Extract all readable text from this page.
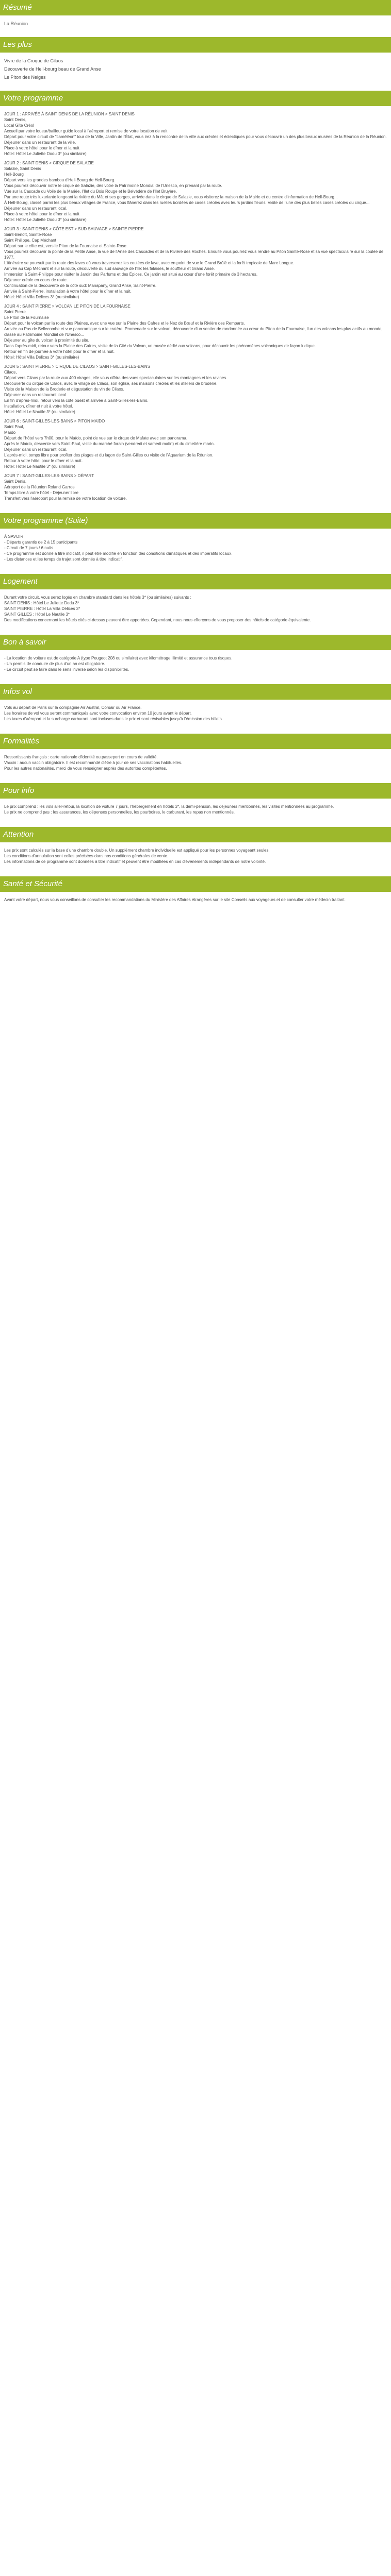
Résumé

La Réunion

Les plus

Vivre de la Croque de Cilaos

Découverte de Hell-bourg beau de Grand Anse

Le Piton des Neiges

Votre programme

JOUR 1 : ARRIVÉE À SAINT DENIS DE LA RÉUNION > SAINT DENIS
Saint Denis,
Local Gîte Créol
Accueil par votre loueur/bailleur guide local à l'aéroport et remise de votre location de voit
Départ pour votre circuit de "caméléon" tour de la Ville, Jardin de l'État, vous irez à la rencontre de la ville aux créoles et éclectiques pour vous découvrir un des plus beaux musées de la Réunion de la Réunion.
Déjeuner dans un restaurant de la ville.
Place à votre hôtel pour le dîner et la nuit
Hôtel: Hôtel Le Juliette Dodu 3* (ou similaire)

JOUR 2 : SAINT DENIS > CIRQUE DE SALAZIE
Salazie, Saint Denis
Hell-Bourg
Départ vers les grandes bambou d'Hell-Bourg de Hell-Bourg.
Vous pourrez découvrir notre le cirque de Salazie, dès votre la Patrimoine Mondial de l'Unesco, en prenant par la route.
Vue sur la Cascade du Voile de la Mariée, l'Ilet du Bois Rouge et le Belvédère de l'Ilet Bruyère.
Par une route très luxuriante longeant la rivière du Mât et ses gorges, arrivée dans le cirque de Salazie, vous visiterez la maison de la Mairie et du centre d'information de Hell-Bourg...
À Hell-Bourg, classé parmi les plus beaux villages de France, vous flânerez dans les ruelles bordées de cases créoles avec leurs jardins fleuris. Visite de l'une des plus belles cases créoles du cirque...
Déjeuner dans un restaurant local.
Place à votre hôtel pour le dîner et la nuit
Hôtel: Hôtel Le Juliette Dodu 3* (ou similaire)

JOUR 3 : SAINT DENIS > CÔTE EST > SUD SAUVAGE > SAINTE PIERRE
Saint-Benoît, Sainte-Rose
Saint Philippe, Cap Méchant
Départ sur le côte est, vers le Piton de la Fournaise et Sainte-Rose.
Vous pourrez découvrir la pointe de la Petite Anse, la vue de l'Anse des Cascades et de la Rivière des Roches. Ensuite vous pourrez vous rendre au Piton Sainte-Rose et sa vue spectaculaire sur la coulée de 1977.
L'itinéraire se poursuit par la route des laves où vous traverserez les coulées de lave, avec en point de vue le Grand Brûlé et la forêt tropicale de Mare Longue.
Arrivée au Cap Méchant et sur la route, découverte du sud sauvage de l'île: les falaises, le souffleur et Grand Anse.
Immersion à Saint-Philippe pour visiter le Jardin des Parfums et des Épices. Ce jardin est situé au cœur d'une forêt primaire de 3 hectares.
Déjeuner créole en cours de route.
Continuation de la découverte de la côte sud: Manapany, Grand Anse, Saint-Pierre.
Arrivée à Saint-Pierre, installation à votre hôtel pour le dîner et la nuit.
Hôtel: Hôtel Villa Délices 3* (ou similaire)

JOUR 4 : SAINT PIERRE > VOLCAN LE PITON DE LA FOURNAISE
Saint Pierre
Le Piton de la Fournaise
Départ pour le volcan par la route des Plaines, avec une vue sur la Plaine des Cafres et le Nez de Bœuf et la Rivière des Remparts.
Arrivée au Pas de Bellecombe et vue panoramique sur le cratère. Promenade sur le volcan, découverte d'un sentier de randonnée au cœur du Piton de la Fournaise, l'un des volcans les plus actifs au monde, classé au Patrimoine Mondial de l'Unesco...
Déjeuner au gîte du volcan à proximité du site.
Dans l'après-midi, retour vers la Plaine des Cafres, visite de la Cité du Volcan, un musée dédié aux volcans, pour découvrir les phénomènes volcaniques de façon ludique.
Retour en fin de journée à votre hôtel pour le dîner et la nuit.
Hôtel: Hôtel Villa Délices 3* (ou similaire)

JOUR 5 : SAINT PIERRE > CIRQUE DE CILAOS > SAINT-GILLES-LES-BAINS
Cilaos,
Départ vers Cilaos par la route aux 400 virages, elle vous offrira des vues spectaculaires sur les montagnes et les ravines.
Découverte du cirque de Cilaos, avec le village de Cilaos, son église, ses maisons créoles et les ateliers de broderie.
Visite de la Maison de la Broderie et dégustation du vin de Cilaos.
Déjeuner dans un restaurant local.
En fin d'après-midi, retour vers la côte ouest et arrivée à Saint-Gilles-les-Bains.
Installation, dîner et nuit à votre hôtel.
Hôtel: Hôtel Le Nautile 3* (ou similaire)

JOUR 6 : SAINT-GILLES-LES-BAINS > PITON MAÏDO
Saint Paul,
Maïdo
Départ de l'hôtel vers 7h00, pour le Maïdo, point de vue sur le cirque de Mafate avec son panorama.
Après le Maïdo, descente vers Saint-Paul, visite du marché forain (vendredi et samedi matin) et du cimetière marin.
Déjeuner dans un restaurant local.
L'après-midi, temps libre pour profiter des plages et du lagon de Saint-Gilles ou visite de l'Aquarium de la Réunion.
Retour à votre hôtel pour le dîner et la nuit.
Hôtel: Hôtel Le Nautile 3* (ou similaire)

JOUR 7 : SAINT-GILLES-LES-BAINS > DÉPART
Saint Denis,
Aéroport de la Réunion Roland Garros
Temps libre à votre hôtel - Déjeuner libre
Transfert vers l'aéroport pour la remise de votre location de voiture.

Votre programme (Suite)

À SAVOIR
- Départs garantis de 2 à 15 participants
- Circuit de 7 jours / 6 nuits
- Ce programme est donné à titre indicatif, il peut être modifié en fonction des conditions climatiques et des impératifs locaux.
- Les distances et les temps de trajet sont donnés à titre indicatif.

Logement

Durant votre circuit, vous serez logés en chambre standard dans les hôtels 3* (ou similaires) suivants :
SAINT DENIS : Hôtel Le Juliette Dodu 3*
SAINT PIERRE : Hôtel La Villa Délices 3*
SAINT GILLES : Hôtel Le Nautile 3*
Des modifications concernant les hôtels cités ci-dessus peuvent être apportées. Cependant, nous nous efforçons de vous proposer des hôtels de catégorie équivalente.

Bon à savoir

- La location de voiture est de catégorie A (type Peugeot 208 ou similaire) avec kilométrage illimité et assurance tous risques.
- Un permis de conduire de plus d'un an est obligatoire.
- Le circuit peut se faire dans le sens inverse selon les disponibilités.

Infos vol

Vols au départ de Paris sur la compagnie Air Austral, Corsair ou Air France.
Les horaires de vol vous seront communiqués avec votre convocation environ 10 jours avant le départ.
Les taxes d'aéroport et la surcharge carburant sont incluses dans le prix et sont révisables jusqu'à l'émission des billets.

Formalités

Ressortissants français : carte nationale d'identité ou passeport en cours de validité.
Vaccin : aucun vaccin obligatoire. Il est recommandé d'être à jour de ses vaccinations habituelles.
Pour les autres nationalités, merci de vous renseigner auprès des autorités compétentes.

Pour info

Le prix comprend : les vols aller-retour, la location de voiture 7 jours, l'hébergement en hôtels 3*, la demi-pension, les déjeuners mentionnés, les visites mentionnées au programme.
Le prix ne comprend pas : les assurances, les dépenses personnelles, les pourboires, le carburant, les repas non mentionnés.

Attention

Les prix sont calculés sur la base d'une chambre double. Un supplément chambre individuelle est appliqué pour les personnes voyageant seules.
Les conditions d'annulation sont celles précisées dans nos conditions générales de vente.
Les informations de ce programme sont données à titre indicatif et peuvent être modifiées en cas d'événements indépendants de notre volonté.

Santé et Sécurité

Avant votre départ, nous vous conseillons de consulter les recommandations du Ministère des Affaires étrangères sur le site Conseils aux voyageurs et de consulter votre médecin traitant.
